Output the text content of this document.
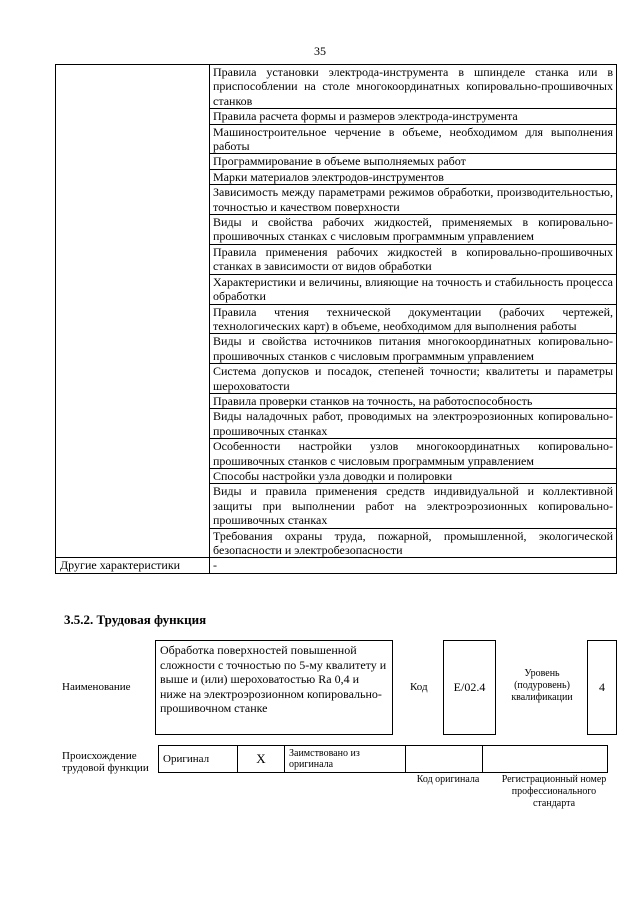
35
	Правила установки электрода-инструмента в шпинделе станка или в приспособлении на столе многокоординатных копировально-прошивочных станков
	Правила расчета формы и размеров электрода-инструмента
	Машиностроительное черчение в объеме, необходимом для выполнения работы
	Программирование в объеме выполняемых работ
	Марки материалов электродов-инструментов
	Зависимость между параметрами режимов обработки, производительностью, точностью и качеством поверхности
	Виды и свойства рабочих жидкостей, применяемых в копировально-прошивочных станках с числовым программным управлением
	Правила применения рабочих жидкостей в копировально-прошивочных станках в зависимости от видов обработки
	Характеристики и величины, влияющие на точность и стабильность процесса обработки
	Правила чтения технической документации (рабочих чертежей, технологических карт) в объеме, необходимом для выполнения работы
	Виды и свойства источников питания многокоординатных копировально-прошивочных станков с числовым программным управлением
	Система допусков и посадок, степеней точности; квалитеты и параметры шероховатости
	Правила проверки станков на точность, на работоспособность
	Виды наладочных работ, проводимых на электроэрозионных копировально-прошивочных станках
	Особенности настройки узлов многокоординатных копировально-прошивочных станков с числовым программным управлением
	Способы настройки узла доводки и полировки
	Виды и правила применения средств индивидуальной и коллективной защиты при выполнении работ на электроэрозионных копировально-прошивочных станках
	Требования охраны труда, пожарной, промышленной, экологической безопасности и электробезопасности
Другие характеристики	-
3.5.2. Трудовая функция
Наименование
Обработка поверхностей повышенной сложности с точностью по 5-му квалитету и выше и (или) шероховатостью Ra 0,4 и ниже на электроэрозионном копировально-прошивочном станке
Код E/02.4
Уровень (подуровень) квалификации
4
Происхождение трудовой функции
Оригинал	X	Заимствовано из оригинала		
Код оригинала	Регистрационный номер профессионального стандарта
